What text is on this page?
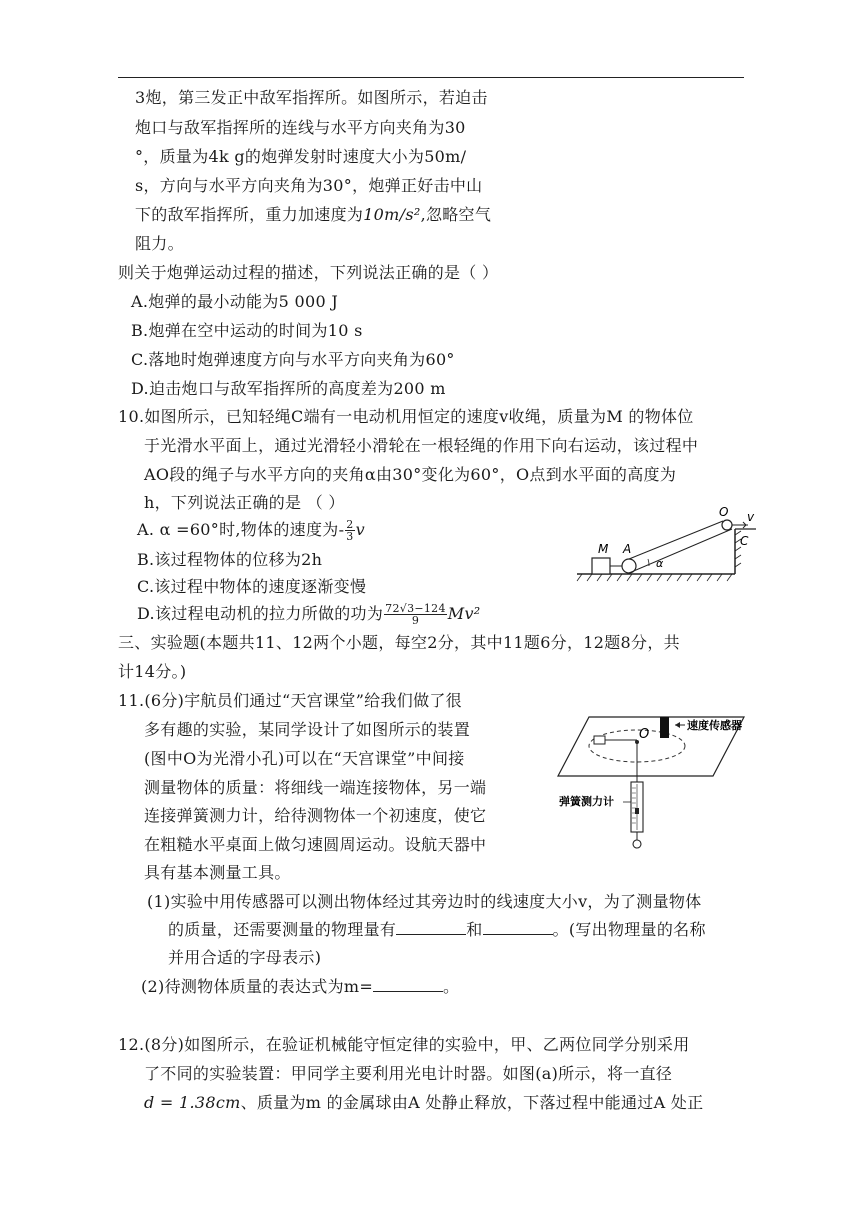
3炮，第三发正中敌军指挥所。如图所示，若迫击
炮口与敌军指挥所的连线与水平方向夹角为30
°，质量为4k g的炮弹发射时速度大小为50m/
s，方向与水平方向夹角为30°，炮弹正好击中山
下的敌军指挥所，重力加速度为10m/s²,忽略空气
阻力。
则关于炮弹运动过程的描述，下列说法正确的是（ ）
A.炮弹的最小动能为5 000 J
B.炮弹在空中运动的时间为10 s
C.落地时炮弹速度方向与水平方向夹角为60°
D.迫击炮口与敌军指挥所的高度差为200 m
10.如图所示，已知轻绳C端有一电动机用恒定的速度v收绳，质量为M 的物体位
于光滑水平面上，通过光滑轻小滑轮在一根轻绳的作用下向右运动，该过程中
AO段的绳子与水平方向的夹角α由30°变化为60°，O点到水平面的高度为
h，下列说法正确的是 （ ）
A. α =60°时,物体的速度为- $\frac{2}{3}$ v
B.该过程物体的位移为2h
C.该过程中物体的速度逐渐变慢
D.该过程电动机的拉力所做的功为 $\frac{72√3-124}{9} Mv^2$
M A
α
O
C
v
三、实验题(本题共11、12两个小题，每空2分，其中11题6分，12题8分，共
计14分。)
11.(6分)宇航员们通过“天宫课堂”给我们做了很
多有趣的实验，某同学设计了如图所示的装置
(图中O为光滑小孔)可以在“天宫课堂”中间接
测量物体的质量：将细线一端连接物体，另一端
连接弹簧测力计，给待测物体一个初速度，使它
在粗糙水平桌面上做匀速圆周运动。设航天器中
具有基本测量工具。
(1)实验中用传感器可以测出物体经过其旁边时的线速度大小v，为了测量物体
的质量，还需要测量的物理量有	和	。(写出物理量的名称
并用合适的字母表示)
(2)待测物体质量的表达式为m=	。
O
速度传感器
弹簧测力计
12.(8分)如图所示，在验证机械能守恒定律的实验中，甲、乙两位同学分别采用
了不同的实验装置：甲同学主要利用光电计时器。如图(a)所示，将一直径
d = 1.38cm、质量为m 的金属球由A 处静止释放，下落过程中能通过A 处正
